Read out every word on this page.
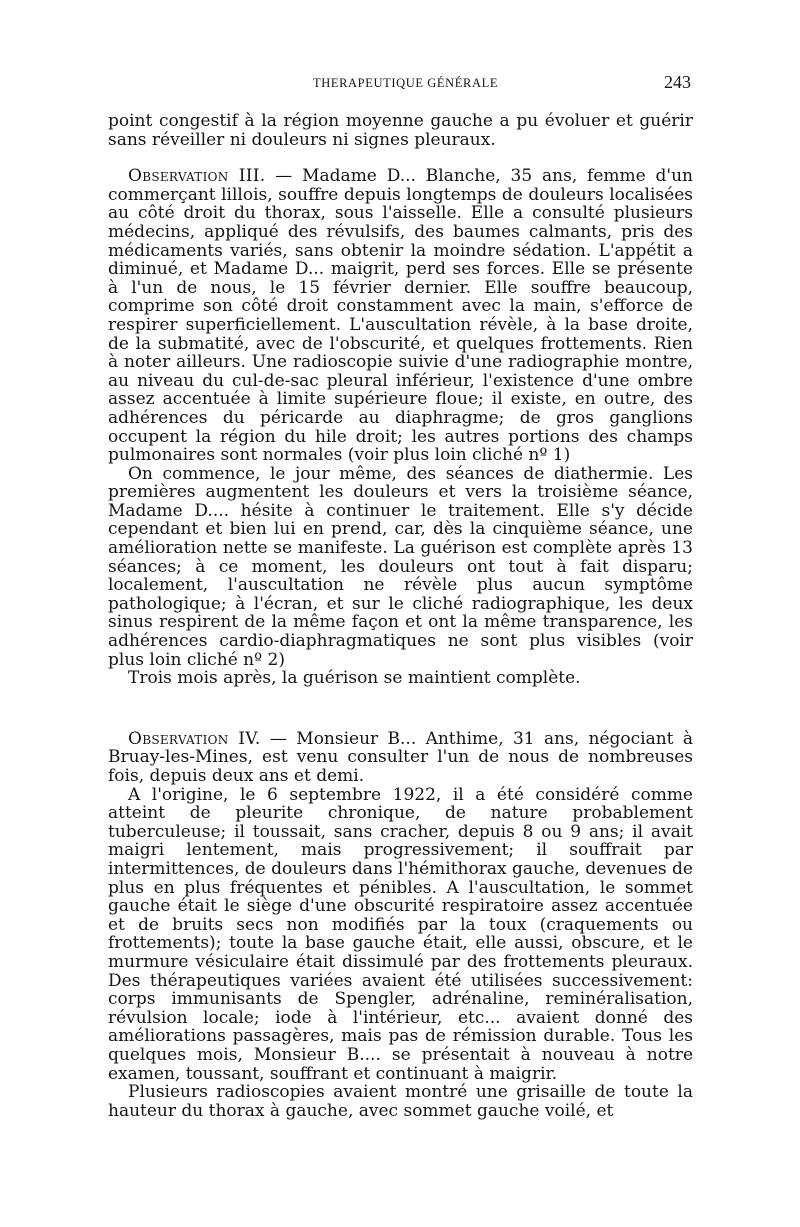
THERAPEUTIQUE GÉNÉRALE	243

point congestif à la région moyenne gauche a pu évoluer et guérir sans réveiller ni douleurs ni signes pleuraux.

Observation III. — Madame D... Blanche, 35 ans, femme d'un commerçant lillois, souffre depuis longtemps de douleurs localisées au côté droit du thorax, sous l'aisselle. Elle a consulté plusieurs médecins, appliqué des révulsifs, des baumes calmants, pris des médicaments variés, sans obtenir la moindre sédation. L'appétit a diminué, et Madame D... maigrit, perd ses forces. Elle se présente à l'un de nous, le 15 février dernier. Elle souffre beaucoup, comprime son côté droit constamment avec la main, s'efforce de respirer superficiellement. L'auscultation révèle, à la base droite, de la submatité, avec de l'obscurité, et quelques frottements. Rien à noter ailleurs. Une radioscopie suivie d'une radiographie montre, au niveau du cul-de-sac pleural inférieur, l'existence d'une ombre assez accentuée à limite supérieure floue; il existe, en outre, des adhérences du péricarde au diaphragme; de gros ganglions occupent la région du hile droit; les autres portions des champs pulmonaires sont normales (voir plus loin cliché nº 1)

On commence, le jour même, des séances de diathermie. Les premières augmentent les douleurs et vers la troisième séance, Madame D.... hésite à continuer le traitement. Elle s'y décide cependant et bien lui en prend, car, dès la cinquième séance, une amélioration nette se manifeste. La guérison est complète après 13 séances; à ce moment, les douleurs ont tout à fait disparu; localement, l'auscultation ne révèle plus aucun symptôme pathologique; à l'écran, et sur le cliché radiographique, les deux sinus respirent de la même façon et ont la même transparence, les adhérences cardio-diaphragmatiques ne sont plus visibles (voir plus loin cliché nº 2)

Trois mois après, la guérison se maintient complète.

Observation IV. — Monsieur B... Anthime, 31 ans, négociant à Bruay-les-Mines, est venu consulter l'un de nous de nombreuses fois, depuis deux ans et demi.

A l'origine, le 6 septembre 1922, il a été considéré comme atteint de pleurite chronique, de nature probablement tuberculeuse; il toussait, sans cracher, depuis 8 ou 9 ans; il avait maigri lentement, mais progressivement; il souffrait par intermittences, de douleurs dans l'hémithorax gauche, devenues de plus en plus fréquentes et pénibles. A l'auscultation, le sommet gauche était le siège d'une obscurité respiratoire assez accentuée et de bruits secs non modifiés par la toux (craquements ou frottements); toute la base gauche était, elle aussi, obscure, et le murmure vésiculaire était dissimulé par des frottements pleuraux. Des thérapeutiques variées avaient été utilisées successivement: corps immunisants de Spengler, adrénaline, reminéralisation, révulsion locale; iode à l'intérieur, etc... avaient donné des améliorations passagères, mais pas de rémission durable. Tous les quelques mois, Monsieur B.... se présentait à nouveau à notre examen, toussant, souffrant et continuant à maigrir.

Plusieurs radioscopies avaient montré une grisaille de toute la hauteur du thorax à gauche, avec sommet gauche voilé, et
